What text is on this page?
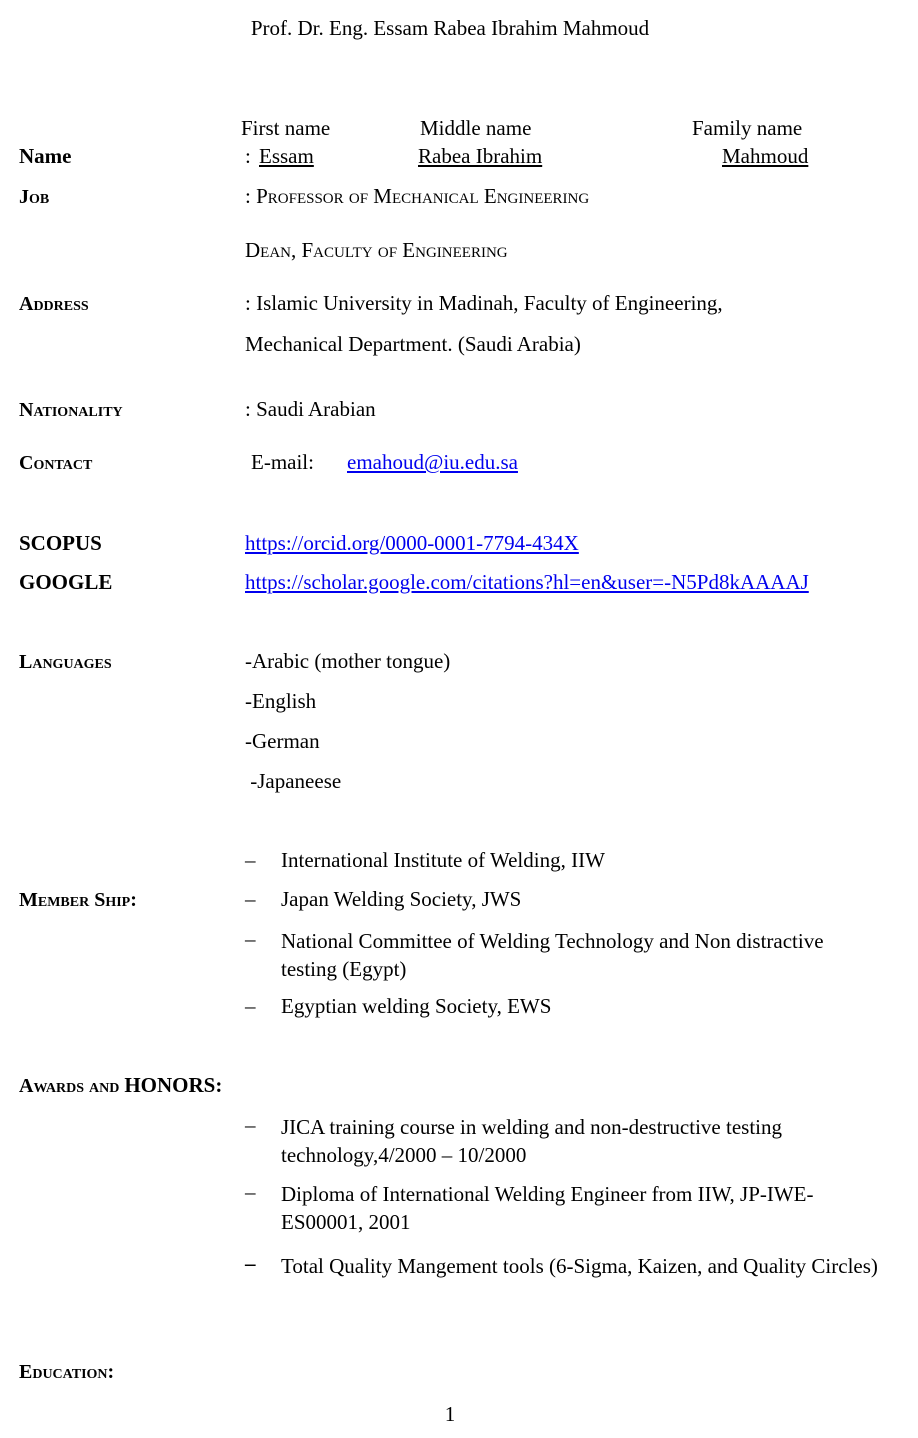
Prof. Dr. Eng. Essam Rabea Ibrahim Mahmoud
First name	Middle name	Family name
Name	: Essam	Rabea Ibrahim	Mahmoud
Job	: Professor of Mechanical Engineering
Dean, Faculty of Engineering
Address	: Islamic University in Madinah, Faculty of Engineering,
Mechanical Department. (Saudi Arabia)
Nationality	: Saudi Arabian
Contact	E-mail: emahoud@iu.edu.sa
SCOPUS	https://orcid.org/0000-0001-7794-434X
GOOGLE	https://scholar.google.com/citations?hl=en&user=-N5Pd8kAAAAJ
Languages	-Arabic (mother tongue)
-English
-German
-Japaneese
Member Ship:
– International Institute of Welding, IIW
– Japan Welding Society, JWS
– National Committee of Welding Technology and Non distractive testing (Egypt)
– Egyptian welding Society, EWS
Awards and HONORS:
– JICA training course in welding and non-destructive testing technology,4/2000 – 10/2000
– Diploma of International Welding Engineer from IIW, JP-IWE-ES00001, 2001
– Total Quality Mangement tools (6-Sigma, Kaizen, and Quality Circles)
Education:
1
